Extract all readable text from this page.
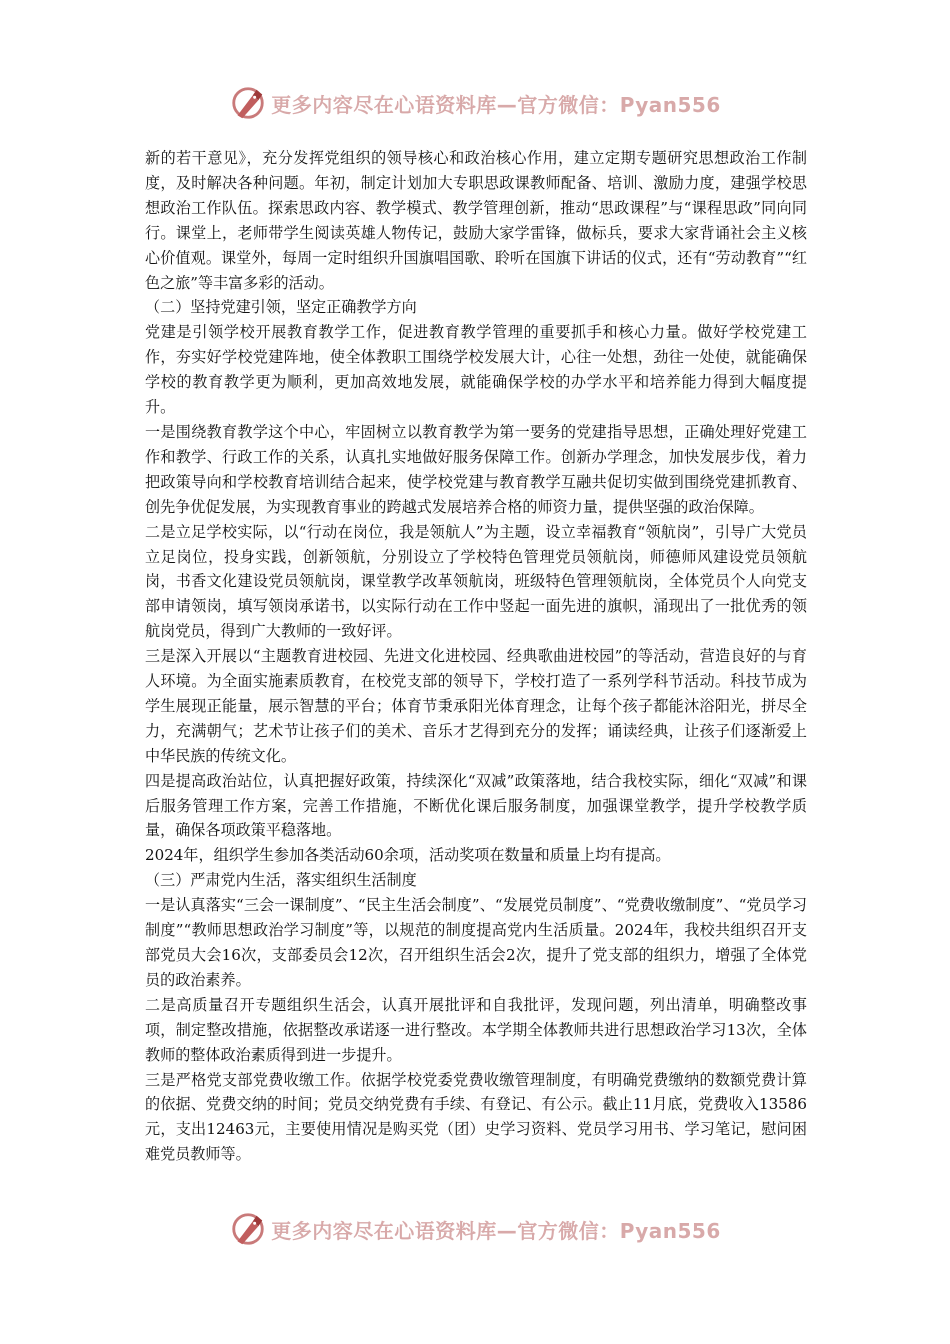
更多内容尽在心语资料库—官方微信：Pyan556

新的若干意见》，充分发挥党组织的领导核心和政治核心作用，建立定期专题研究思想政治工作制度，及时解决各种问题。年初，制定计划加大专职思政课教师配备、培训、激励力度，建强学校思想政治工作队伍。探索思政内容、教学模式、教学管理创新，推动“思政课程”与“课程思政”同向同行。课堂上，老师带学生阅读英雄人物传记，鼓励大家学雷锋，做标兵，要求大家背诵社会主义核心价值观。课堂外，每周一定时组织升国旗唱国歌、聆听在国旗下讲话的仪式，还有“劳动教育”“红色之旅”等丰富多彩的活动。

（二）坚持党建引领，坚定正确教学方向

党建是引领学校开展教育教学工作，促进教育教学管理的重要抓手和核心力量。做好学校党建工作，夯实好学校党建阵地，使全体教职工围绕学校发展大计，心往一处想，劲往一处使，就能确保学校的教育教学更为顺利，更加高效地发展，就能确保学校的办学水平和培养能力得到大幅度提升。

一是围绕教育教学这个中心，牢固树立以教育教学为第一要务的党建指导思想，正确处理好党建工作和教学、行政工作的关系，认真扎实地做好服务保障工作。创新办学理念，加快发展步伐，着力把政策导向和学校教育培训结合起来，使学校党建与教育教学互融共促切实做到围绕党建抓教育、创先争优促发展，为实现教育事业的跨越式发展培养合格的师资力量，提供坚强的政治保障。

二是立足学校实际，以“行动在岗位，我是领航人”为主题，设立幸福教育“领航岗”，引导广大党员立足岗位，投身实践，创新领航，分别设立了学校特色管理党员领航岗，师德师风建设党员领航岗，书香文化建设党员领航岗，课堂教学改革领航岗，班级特色管理领航岗，全体党员个人向党支部申请领岗，填写领岗承诺书，以实际行动在工作中竖起一面先进的旗帜，涌现出了一批优秀的领航岗党员，得到广大教师的一致好评。

三是深入开展以“主题教育进校园、先进文化进校园、经典歌曲进校园”的等活动，营造良好的与育人环境。为全面实施素质教育，在校党支部的领导下，学校打造了一系列学科节活动。科技节成为学生展现正能量，展示智慧的平台；体育节秉承阳光体育理念，让每个孩子都能沐浴阳光，拼尽全力，充满朝气；艺术节让孩子们的美术、音乐才艺得到充分的发挥；诵读经典，让孩子们逐渐爱上中华民族的传统文化。

四是提高政治站位，认真把握好政策，持续深化“双减”政策落地，结合我校实际，细化“双减”和课后服务管理工作方案，完善工作措施，不断优化课后服务制度，加强课堂教学，提升学校教学质量，确保各项政策平稳落地。

2024年，组织学生参加各类活动60余项，活动奖项在数量和质量上均有提高。

（三）严肃党内生活，落实组织生活制度

一是认真落实“三会一课制度”、“民主生活会制度”、“发展党员制度”、“党费收缴制度”、“党员学习制度”“教师思想政治学习制度”等，以规范的制度提高党内生活质量。2024年，我校共组织召开支部党员大会16次，支部委员会12次，召开组织生活会2次，提升了党支部的组织力，增强了全体党员的政治素养。

二是高质量召开专题组织生活会，认真开展批评和自我批评，发现问题，列出清单，明确整改事项，制定整改措施，依据整改承诺逐一进行整改。本学期全体教师共进行思想政治学习13次，全体教师的整体政治素质得到进一步提升。

三是严格党支部党费收缴工作。依据学校党委党费收缴管理制度，有明确党费缴纳的数额党费计算的依据、党费交纳的时间；党员交纳党费有手续、有登记、有公示。截止11月底，党费收入13586元，支出12463元，主要使用情况是购买党（团）史学习资料、党员学习用书、学习笔记，慰问困难党员教师等。

更多内容尽在心语资料库—官方微信：Pyan556
